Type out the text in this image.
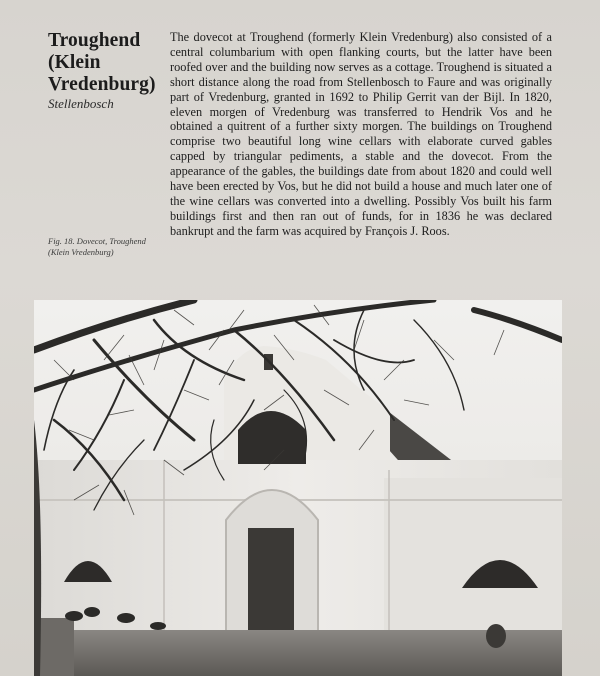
Troughend
(Klein
Vredenburg)
Stellenbosch
Fig. 18. Dovecot, Troughend
(Klein Vredenburg)
The dovecot at Troughend (formerly Klein Vredenburg) also consisted of a central columbarium with open flanking courts, but the latter have been roofed over and the building now serves as a cottage. Troughend is situated a short distance along the road from Stellenbosch to Faure and was originally part of Vredenburg, granted in 1692 to Philip Gerrit van der Bijl. In 1820, eleven morgen of Vredenburg was transferred to Hendrik Vos and he obtained a quitrent of a further sixty morgen. The buildings on Troughend comprise two beautiful long wine cellars with elaborate curved gables capped by triangular pediments, a stable and the dovecot. From the appearance of the gables, the buildings date from about 1820 and could well have been erected by Vos, but he did not build a house and much later one of the wine cellars was converted into a dwelling. Possibly Vos built his farm buildings first and then ran out of funds, for in 1836 he was declared bankrupt and the farm was acquired by François J. Roos.
